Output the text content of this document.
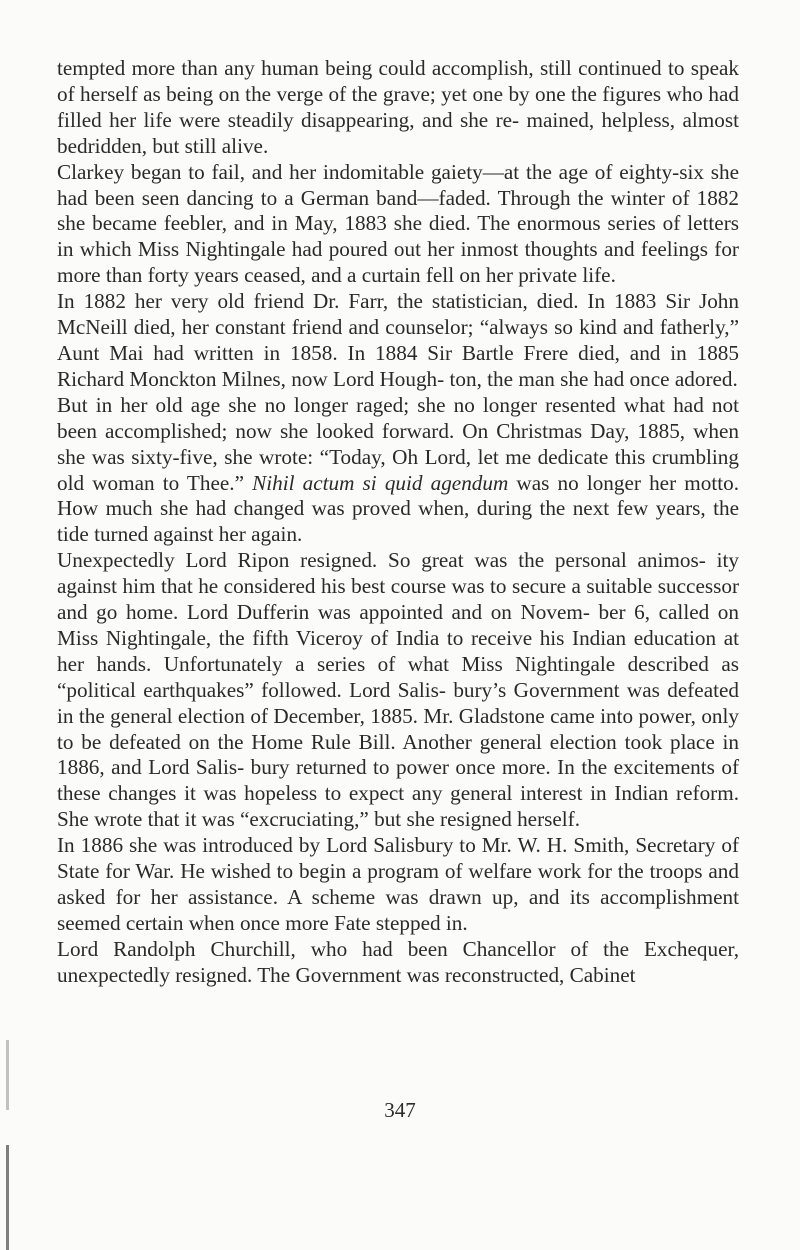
tempted more than any human being could accomplish, still continued to speak of herself as being on the verge of the grave; yet one by one the figures who had filled her life were steadily disappearing, and she re- mained, helpless, almost bedridden, but still alive.

Clarkey began to fail, and her indomitable gaiety—at the age of eighty-six she had been seen dancing to a German band—faded. Through the winter of 1882 she became feebler, and in May, 1883 she died. The enormous series of letters in which Miss Nightingale had poured out her inmost thoughts and feelings for more than forty years ceased, and a curtain fell on her private life.

In 1882 her very old friend Dr. Farr, the statistician, died. In 1883 Sir John McNeill died, her constant friend and counselor; “always so kind and fatherly,” Aunt Mai had written in 1858. In 1884 Sir Bartle Frere died, and in 1885 Richard Monckton Milnes, now Lord Hough- ton, the man she had once adored.

But in her old age she no longer raged; she no longer resented what had not been accomplished; now she looked forward. On Christmas Day, 1885, when she was sixty-five, she wrote: “Today, Oh Lord, let me dedicate this crumbling old woman to Thee.” Nihil actum si quid agendum was no longer her motto. How much she had changed was proved when, during the next few years, the tide turned against her again.

Unexpectedly Lord Ripon resigned. So great was the personal animos- ity against him that he considered his best course was to secure a suitable successor and go home. Lord Dufferin was appointed and on Novem- ber 6, called on Miss Nightingale, the fifth Viceroy of India to receive his Indian education at her hands. Unfortunately a series of what Miss Nightingale described as “political earthquakes” followed. Lord Salis- bury’s Government was defeated in the general election of December, 1885. Mr. Gladstone came into power, only to be defeated on the Home Rule Bill. Another general election took place in 1886, and Lord Salis- bury returned to power once more. In the excitements of these changes it was hopeless to expect any general interest in Indian reform. She wrote that it was “excruciating,” but she resigned herself.

In 1886 she was introduced by Lord Salisbury to Mr. W. H. Smith, Secretary of State for War. He wished to begin a program of welfare work for the troops and asked for her assistance. A scheme was drawn up, and its accomplishment seemed certain when once more Fate stepped in.

Lord Randolph Churchill, who had been Chancellor of the Exchequer, unexpectedly resigned. The Government was reconstructed, Cabinet

347
